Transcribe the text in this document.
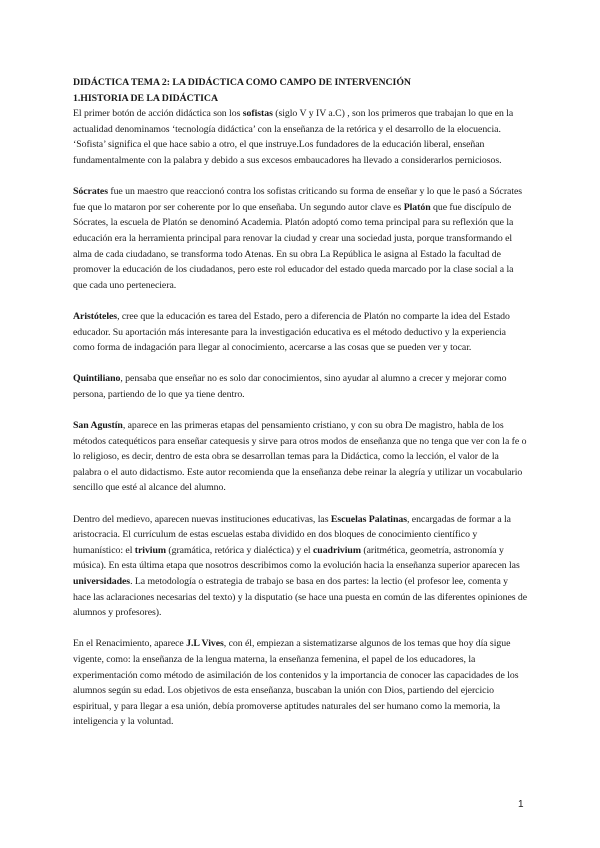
DIDÁCTICA TEMA 2: LA DIDÁCTICA COMO CAMPO DE INTERVENCIÓN
1.HISTORIA DE LA DIDÁCTICA

El primer botón de acción didáctica son los sofistas (siglo V y IV a.C) , son los primeros que trabajan lo que en la actualidad denominamos ‘tecnología didáctica’ con la enseñanza de la retórica y el desarrollo de la elocuencia. ‘Sofista’ significa el que hace sabio a otro, el que instruye.Los fundadores de la educación liberal, enseñan fundamentalmente con la palabra y debido a sus excesos embaucadores ha llevado a considerarlos perniciosos.

Sócrates fue un maestro que reaccionó contra los sofistas criticando su forma de enseñar y lo que le pasó a Sócrates fue que lo mataron por ser coherente por lo que enseñaba. Un segundo autor clave es Platón que fue discípulo de Sócrates, la escuela de Platón se denominó Academia. Platón adoptó como tema principal para su reflexión que la educación era la herramienta principal para renovar la ciudad y crear una sociedad justa, porque transformando el alma de cada ciudadano, se transforma todo Atenas. En su obra La República le asigna al Estado la facultad de promover la educación de los ciudadanos, pero este rol educador del estado queda marcado por la clase social a la que cada uno perteneciera.

Aristóteles, cree que la educación es tarea del Estado, pero a diferencia de Platón no comparte la idea del Estado educador. Su aportación más interesante para la investigación educativa es el método deductivo y la experiencia como forma de indagación para llegar al conocimiento, acercarse a las cosas que se pueden ver y tocar.

Quintiliano, pensaba que enseñar no es solo dar conocimientos, sino ayudar al alumno a crecer y mejorar como persona, partiendo de lo que ya tiene dentro.

San Agustín, aparece en las primeras etapas del pensamiento cristiano, y con su obra De magistro, habla de los métodos catequéticos para enseñar catequesis y sirve para otros modos de enseñanza que no tenga que ver con la fe o lo religioso, es decir, dentro de esta obra se desarrollan temas para la Didáctica, como la lección, el valor de la palabra o el auto didactismo. Este autor recomienda que la enseñanza debe reinar la alegría y utilizar un vocabulario sencillo que esté al alcance del alumno.

Dentro del medievo, aparecen nuevas instituciones educativas, las Escuelas Palatinas, encargadas de formar a la aristocracia. El currículum de estas escuelas estaba dividido en dos bloques de conocimiento científico y humanístico: el trivium (gramática, retórica y dialéctica) y el cuadrivium (aritmética, geometría, astronomía y música). En esta última etapa que nosotros describimos como la evolución hacia la enseñanza superior aparecen las universidades. La metodología o estrategia de trabajo se basa en dos partes: la lectio (el profesor lee, comenta y hace las aclaraciones necesarias del texto) y la disputatio (se hace una puesta en común de las diferentes opiniones de alumnos y profesores).

En el Renacimiento, aparece J.L Vives, con él, empiezan a sistematizarse algunos de los temas que hoy día sigue vigente, como: la enseñanza de la lengua materna, la enseñanza femenina, el papel de los educadores, la experimentación como método de asimilación de los contenidos y la importancia de conocer las capacidades de los alumnos según su edad. Los objetivos de esta enseñanza, buscaban la unión con Dios, partiendo del ejercicio espiritual, y para llegar a esa unión, debía promoverse aptitudes naturales del ser humano como la memoria, la inteligencia y la voluntad.

1
